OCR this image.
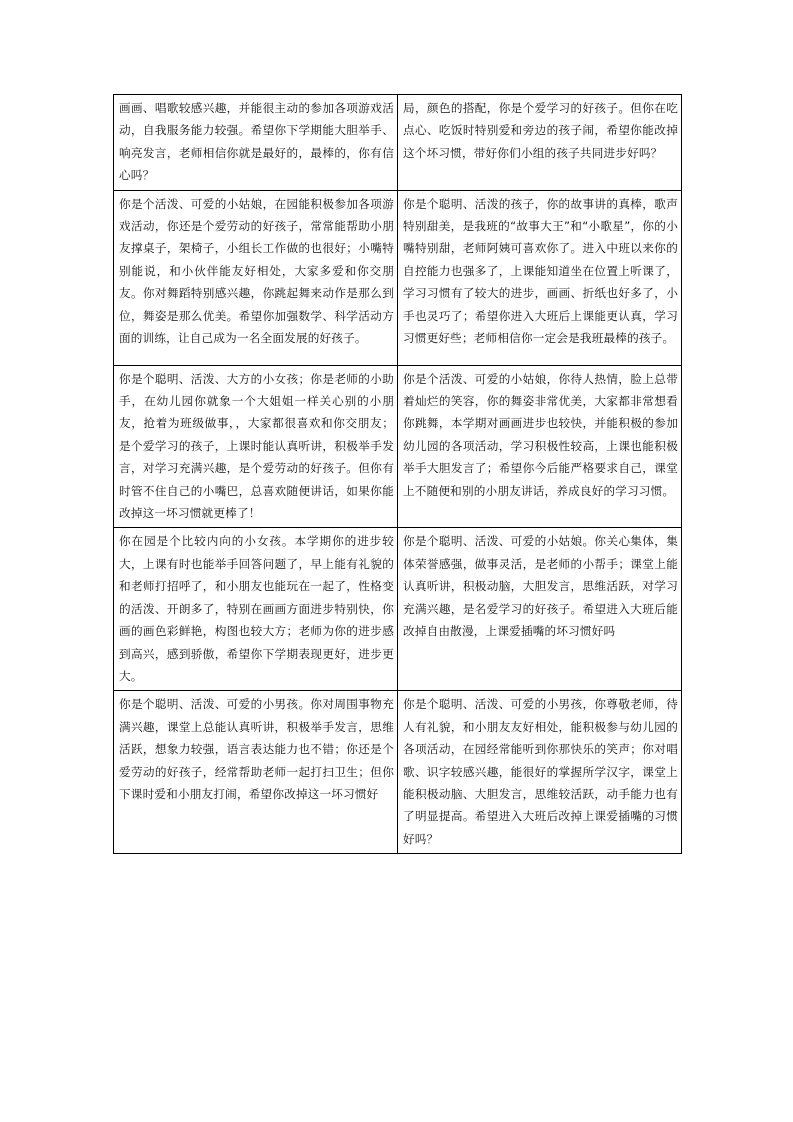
画画、唱歌较感兴趣，并能很主动的参加各项游戏活动，自我服务能力较强。希望你下学期能大胆举手、响亮发言，老师相信你就是最好的，最棒的，你有信心吗？	局，颜色的搭配，你是个爱学习的好孩子。但你在吃点心、吃饭时特别爱和旁边的孩子闹，希望你能改掉这个坏习惯，带好你们小组的孩子共同进步好吗？
你是个活泼、可爱的小姑娘，在园能积极参加各项游戏活动，你还是个爱劳动的好孩子，常常能帮助小朋友撑桌子，架椅子，小组长工作做的也很好；小嘴特别能说，和小伙伴能友好相处，大家多爱和你交朋友。你对舞蹈特别感兴趣，你跳起舞来动作是那么到位，舞姿是那么优美。希望你加强数学、科学活动方面的训练，让自己成为一名全面发展的好孩子。	你是个聪明、活泼的孩子，你的故事讲的真棒，歌声特别甜美，是我班的“故事大王”和“小歌星”，你的小嘴特别甜，老师阿姨可喜欢你了。进入中班以来你的自控能力也强多了，上课能知道坐在位置上听课了，学习习惯有了较大的进步，画画、折纸也好多了，小手也灵巧了；希望你进入大班后上课能更认真，学习习惯更好些；老师相信你一定会是我班最棒的孩子。
你是个聪明、活泼、大方的小女孩；你是老师的小助手，在幼儿园你就象一个大姐姐一样关心别的小朋友，抢着为班级做事，，大家都很喜欢和你交朋友；是个爱学习的孩子，上课时能认真听讲，积极举手发言，对学习充满兴趣，是个爱劳动的好孩子。但你有时管不住自己的小嘴巴，总喜欢随便讲话，如果你能改掉这一坏习惯就更棒了！	你是个活泼、可爱的小姑娘，你待人热情，脸上总带着灿烂的笑容，你的舞姿非常优美，大家都非常想看你跳舞，本学期对画画进步也较快，并能积极的参加幼儿园的各项活动，学习积极性较高，上课也能积极举手大胆发言了；希望你今后能严格要求自己，课堂上不随便和别的小朋友讲话，养成良好的学习习惯。
你在园是个比较内向的小女孩。本学期你的进步较大，上课有时也能举手回答问题了，早上能有礼貌的和老师打招呼了，和小朋友也能玩在一起了，性格变的活泼、开朗多了，特别在画画方面进步特别快，你画的画色彩鲜艳，构图也较大方；老师为你的进步感到高兴，感到骄傲，希望你下学期表现更好，进步更大。	你是个聪明、活泼、可爱的小姑娘。你关心集体，集体荣誉感强，做事灵活，是老师的小帮手；课堂上能认真听讲，积极动脑，大胆发言，思维活跃，对学习充满兴趣，是名爱学习的好孩子。希望进入大班后能改掉自由散漫，上课爱插嘴的坏习惯好吗
你是个聪明、活泼、可爱的小男孩。你对周围事物充满兴趣，课堂上总能认真听讲，积极举手发言，思维活跃，想象力较强，语言表达能力也不错；你还是个爱劳动的好孩子，经常帮助老师一起打扫卫生；但你下课时爱和小朋友打闹，希望你改掉这一坏习惯好	你是个聪明、活泼、可爱的小男孩，你尊敬老师，待人有礼貌，和小朋友友好相处，能积极参与幼儿园的各项活动，在园经常能听到你那快乐的笑声；你对唱歌、识字较感兴趣，能很好的掌握所学汉字，课堂上能积极动脑、大胆发言，思维较活跃，动手能力也有了明显提高。希望进入大班后改掉上课爱插嘴的习惯好吗？
